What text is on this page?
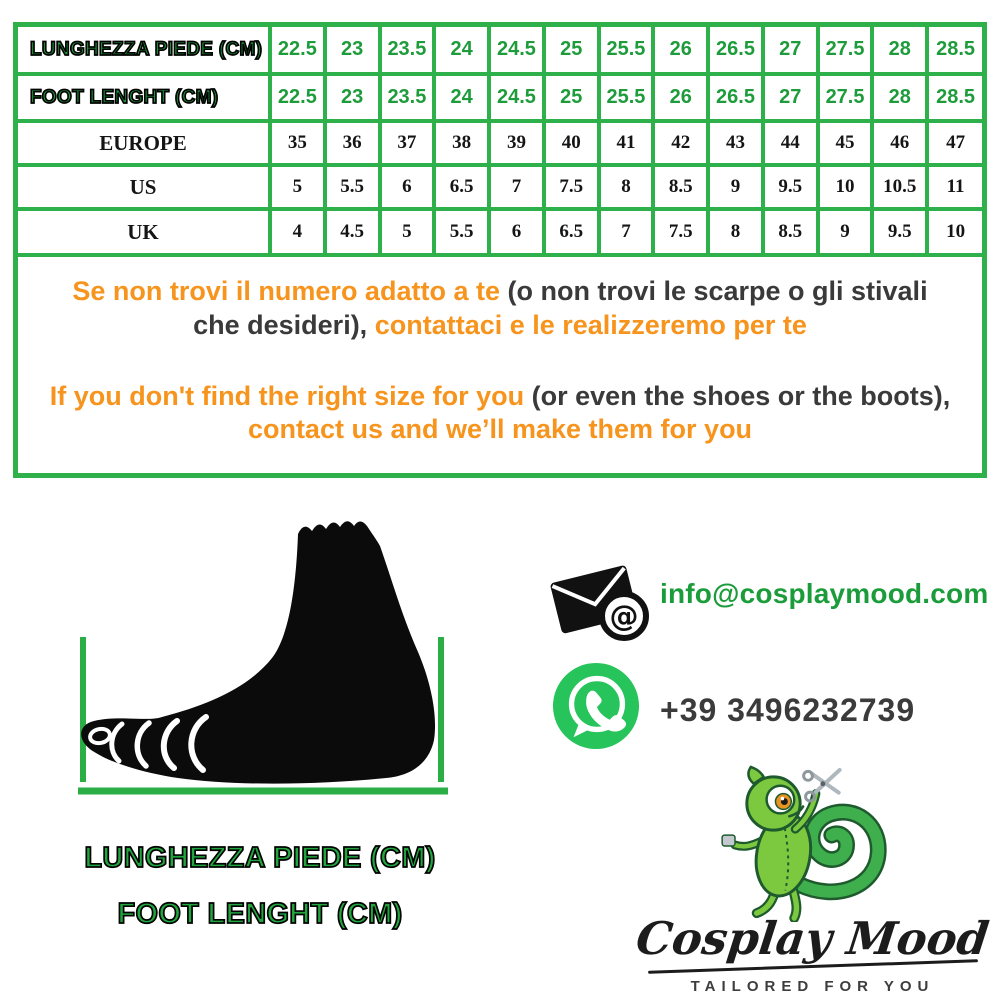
LUNGHEZZA PIEDE (CM)	22.5	23	23.5	24	24.5	25	25.5	26	26.5	27	27.5	28	28.5
FOOT LENGHT (CM)	22.5	23	23.5	24	24.5	25	25.5	26	26.5	27	27.5	28	28.5
EUROPE	35	36	37	38	39	40	41	42	43	44	45	46	47
US	5	5.5	6	6.5	7	7.5	8	8.5	9	9.5	10	10.5	11
UK	4	4.5	5	5.5	6	6.5	7	7.5	8	8.5	9	9.5	10

Se non trovi il numero adatto a te (o non trovi le scarpe o gli stivali che desideri), contattaci e le realizzeremo per te

If you don't find the right size for you (or even the shoes or the boots), contact us and we’ll make them for you

LUNGHEZZA PIEDE (CM)
FOOT LENGHT (CM)
@
info@cosplaymood.com
+39 3496232739
Cosplay Mood
TAILORED FOR YOU
